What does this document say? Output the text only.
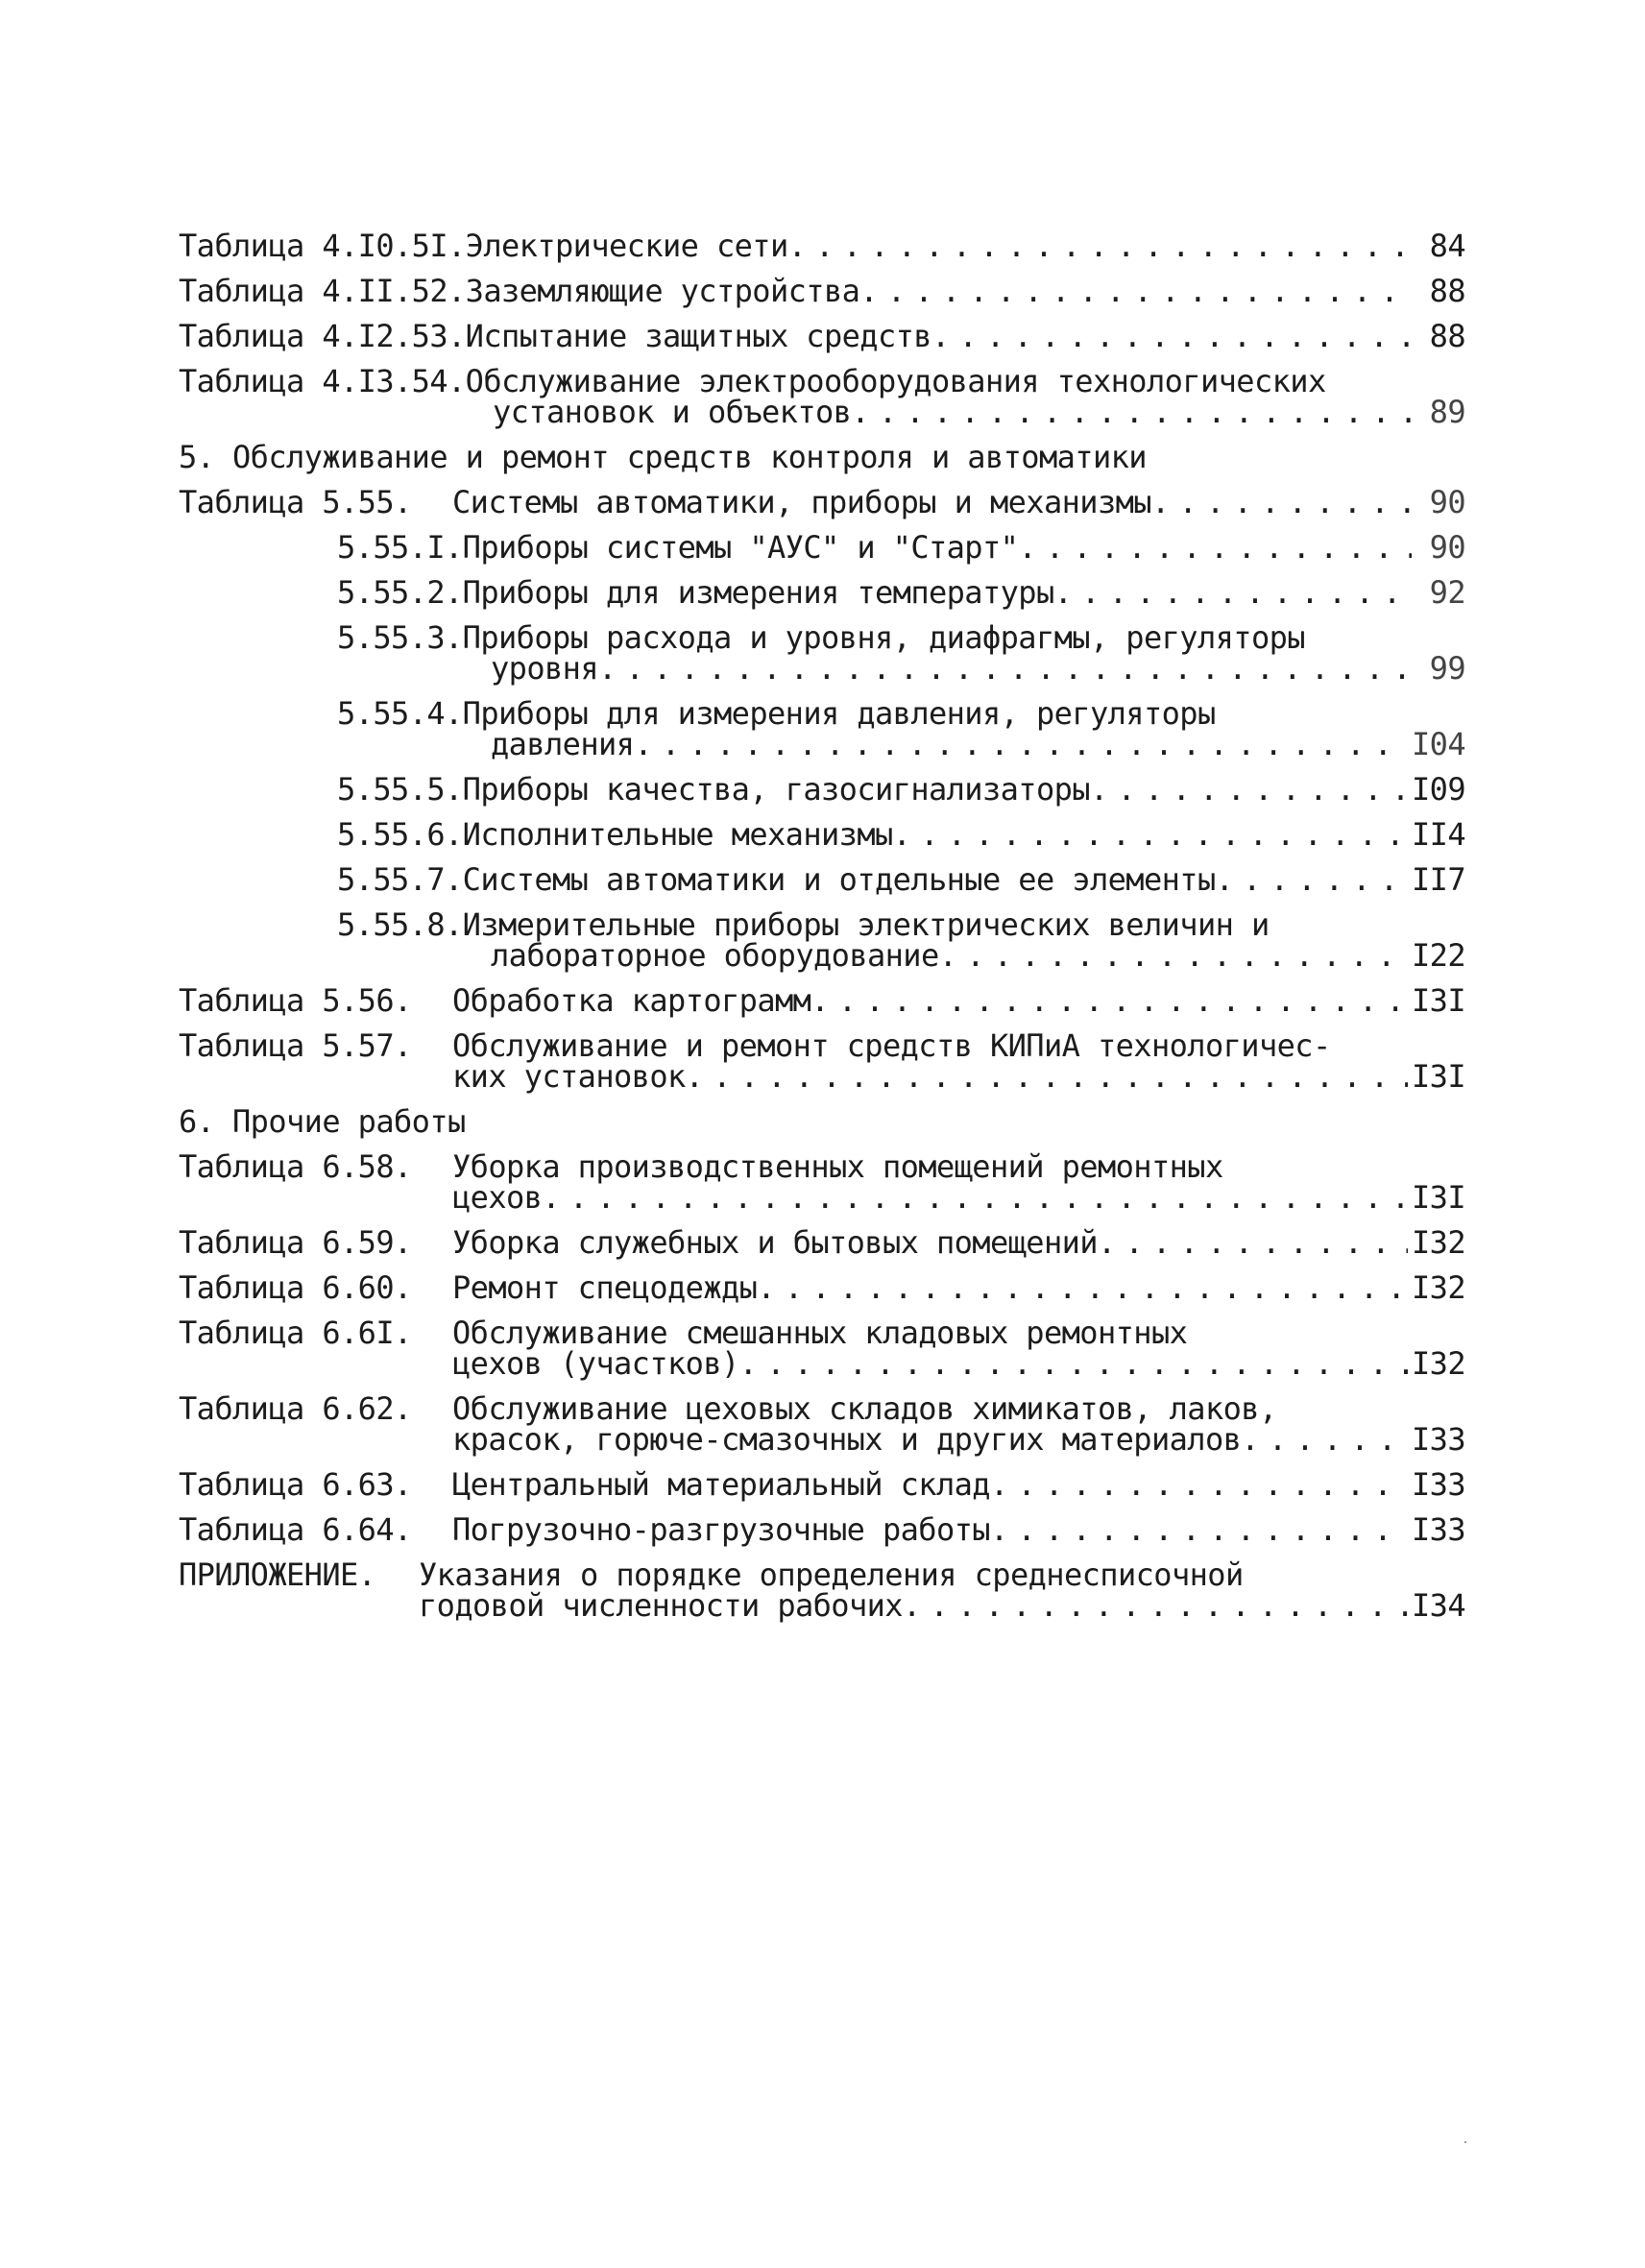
Таблица 4.I0.5I. Электрические сети . . .	84
Таблица 4.II.52. Заземляющие устройства . . .	88
Таблица 4.I2.53. Испытание защитных средств . . .	88
Таблица 4.I3.54. Обслуживание электрооборудования технологических
установок и объектов . . .	89
5. Обслуживание и ремонт средств контроля и автоматики
Таблица 5.55.	Системы автоматики, приборы и механизмы . . .	90
5.55.I. Приборы системы "АУС" и "Старт" . . .	90
5.55.2. Приборы для измерения температуры . . .	92
5.55.3. Приборы расхода и уровня, диафрагмы, регуляторы
уровня . . .	99
5.55.4. Приборы для измерения давления, регуляторы
давления . . .	I04
5.55.5. Приборы качества, газосигнализаторы . . .	I09
5.55.6. Исполнительные механизмы . . .	II4
5.55.7. Системы автоматики и отдельные ее элементы . . .	II7
5.55.8. Измерительные приборы электрических величин и
лабораторное оборудование . . .	I22
Таблица 5.56.	Обработка картограмм . . .	I3I
Таблица 5.57.	Обслуживание и ремонт средств КИПиА технологичес-
ких установок . . .	I3I
6. Прочие работы
Таблица 6.58.	Уборка производственных помещений ремонтных
цехов . . .	I3I
Таблица 6.59.	Уборка служебных и бытовых помещений . . .	I32
Таблица 6.60.	Ремонт спецодежды . . .	I32
Таблица 6.6I.	Обслуживание смешанных кладовых ремонтных
цехов (участков) . . .	I32
Таблица 6.62.	Обслуживание цеховых складов химикатов, лаков,
красок, горюче-смазочных и других материалов . . .	I33
Таблица 6.63.	Центральный материальный склад . . .	I33
Таблица 6.64.	Погрузочно-разгрузочные работы . . .	I33
ПРИЛОЖЕНИЕ.	Указания о порядке определения среднесписочной
годовой численности рабочих . . .	I34
